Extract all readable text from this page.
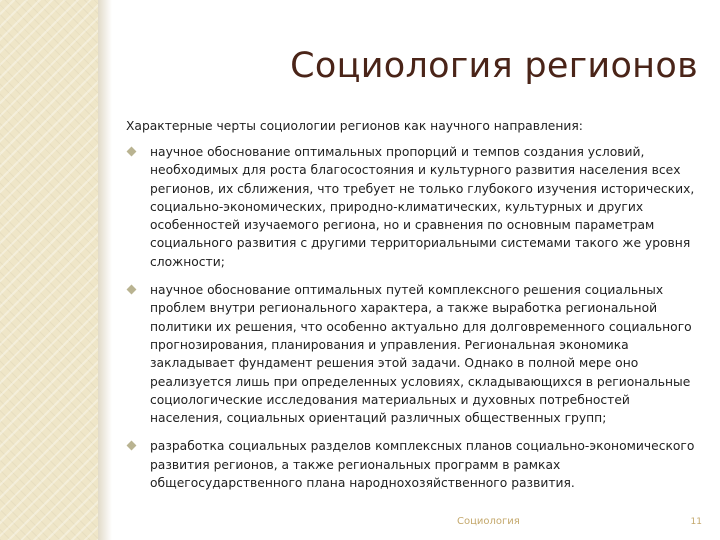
Социология регионов

Характерные черты социологии регионов как научного направления:

научное обоснование оптимальных пропорций и темпов создания условий, необходимых для роста благосостояния и культурного развития населения всех регионов, их сближения, что требует не только глубокого изучения исторических, социально-экономических, природно-климатических, культурных и других особенностей изучаемого региона, но и сравнения по основным параметрам социального развития с другими территориальными системами такого же уровня сложности;
научное обоснование оптимальных путей комплексного решения социальных проблем внутри регионального характера, а также выработка региональной политики их решения, что особенно актуально для долговременного социального прогнозирования, планирования и управления. Региональная экономика закладывает фундамент решения этой задачи. Однако в полной мере оно реализуется лишь при определенных условиях, складывающихся в региональные социологические исследования материальных и духовных потребностей населения, социальных ориентаций различных общественных групп;
разработка социальных разделов комплексных планов социально-экономического развития регионов, а также региональных программ в рамках общегосударственного плана народнохозяйственного развития.
Социология	11
